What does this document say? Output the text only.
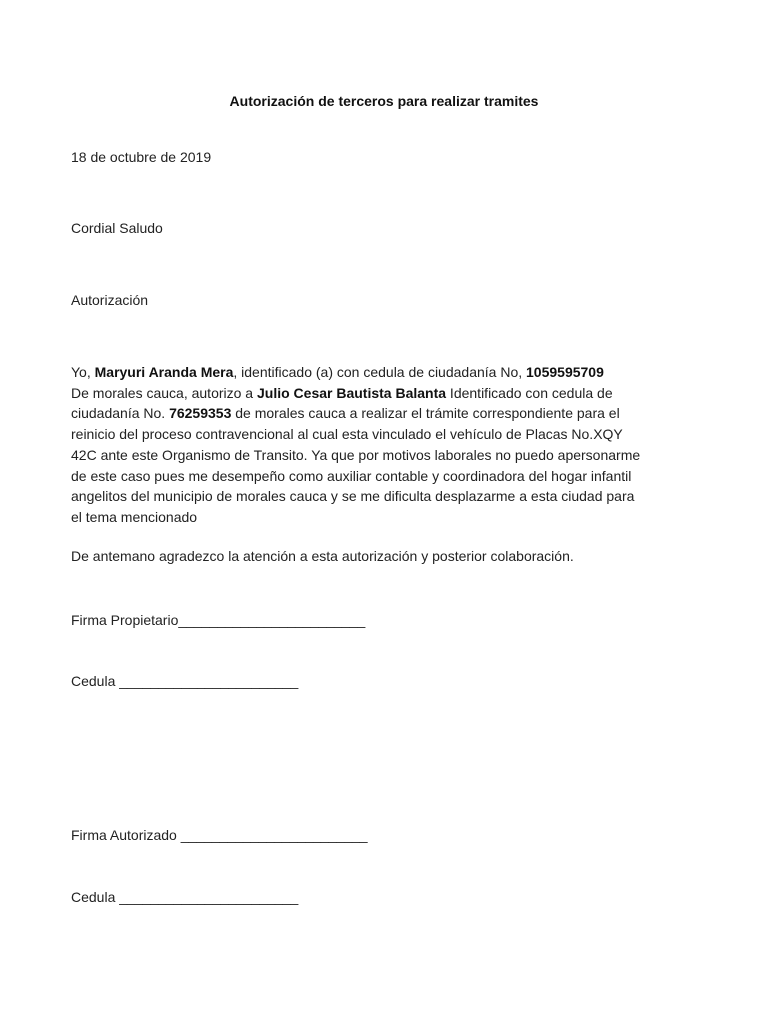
Autorización de terceros para realizar tramites
18 de octubre de 2019
Cordial Saludo
Autorización
Yo, Maryuri Aranda Mera, identificado (a) con cedula de ciudadanía No, 1059595709
De morales cauca, autorizo a Julio Cesar Bautista Balanta Identificado con cedula de
ciudadanía No. 76259353 de morales cauca a realizar el trámite correspondiente para el
reinicio del proceso contravencional al cual esta vinculado el vehículo de Placas No.XQY
42C ante este Organismo de Transito. Ya que por motivos laborales no puedo apersonarme
de este caso pues me desempeño como auxiliar contable y coordinadora del hogar infantil
angelitos del municipio de morales cauca y se me dificulta desplazarme a esta ciudad para
el tema mencionado
De antemano agradezco la atención a esta autorización y posterior colaboración.
Firma Propietario________________________
Cedula _______________________
Firma Autorizado ________________________
Cedula _______________________
